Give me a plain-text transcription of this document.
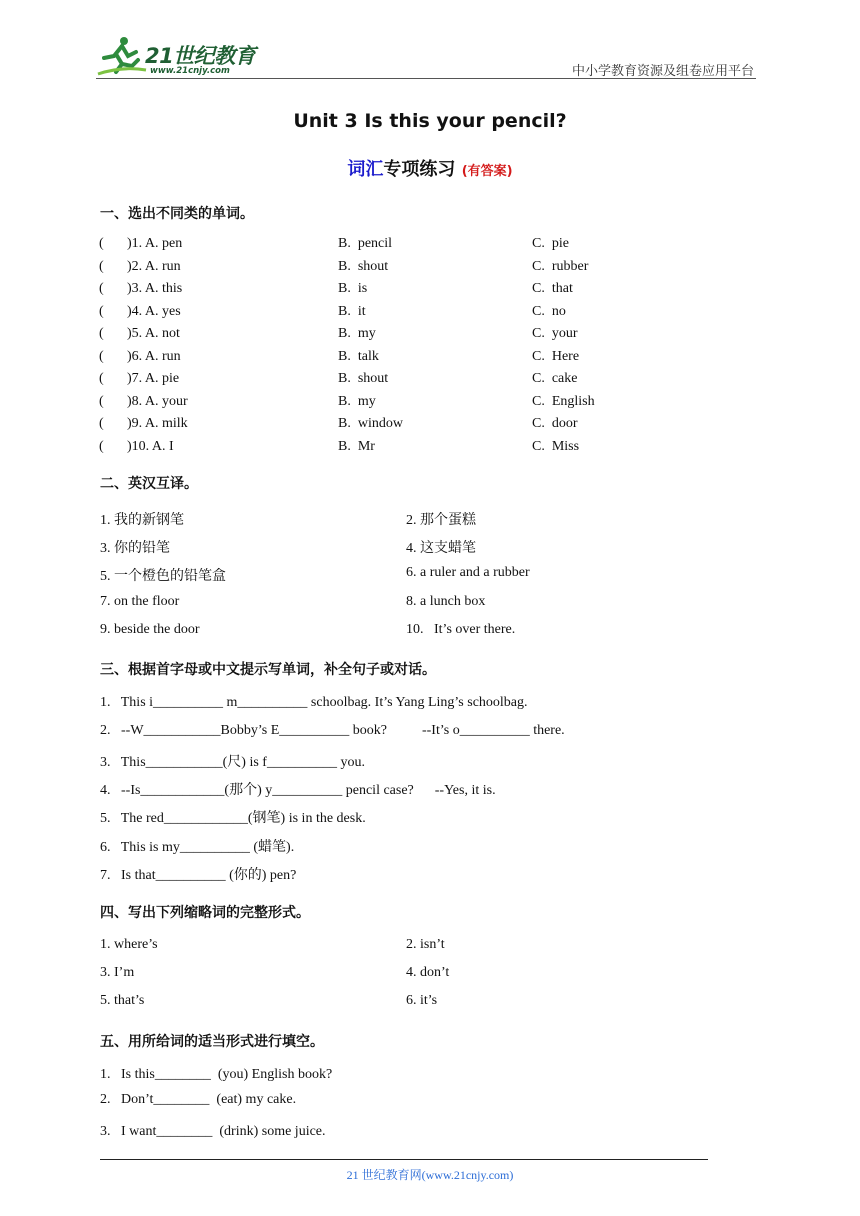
21世纪教育
www.21cnjy.com	中小学教育资源及组卷应用平台
Unit 3 Is this your pencil?
词汇专项练习 (有答案)
一、选出不同类的单词。
( )1. A. pen	B.  pencil	C.  pie
( )2. A. run	B.  shout	C.  rubber
( )3. A. this	B.  is	C.  that
( )4. A. yes	B.  it	C.  no
( )5. A. not	B.  my	C.  your
( )6. A. run	B.  talk	C.  Here
( )7. A. pie	B.  shout	C.  cake
( )8. A. your	B.  my	C.  English
( )9. A. milk	B.  window	C.  door
( )10. A. I	B.  Mr	C.  Miss
二、英汉互译。
1. 我的新钢笔	2. 那个蛋糕
3. 你的铅笔	4. 这支蜡笔
5. 一个橙色的铅笔盒	6. a ruler and a rubber
7. on the floor	8. a lunch box
9. beside the door	10.   It’s over there.
三、根据首字母或中文提示写单词，补全句子或对话。
1.   This i__________ m__________ schoolbag. It’s Yang Ling’s schoolbag.
2.   --W___________Bobby’s E__________ book?          --It’s o__________ there.
3.   This___________(尺) is f__________ you.
4.   --Is____________(那个) y__________ pencil case?      --Yes, it is.
5.   The red____________(钢笔) is in the desk.
6.   This is my__________ (蜡笔).
7.   Is that__________ (你的) pen?
四、写出下列缩略词的完整形式。
1. where’s	2. isn’t
3. I’m	4. don’t
5. that’s	6. it’s
五、用所给词的适当形式进行填空。
1.   Is this________  (you) English book?
2.   Don’t________  (eat) my cake.
3.   I want________  (drink) some juice.
21 世纪教育网(www.21cnjy.com)
